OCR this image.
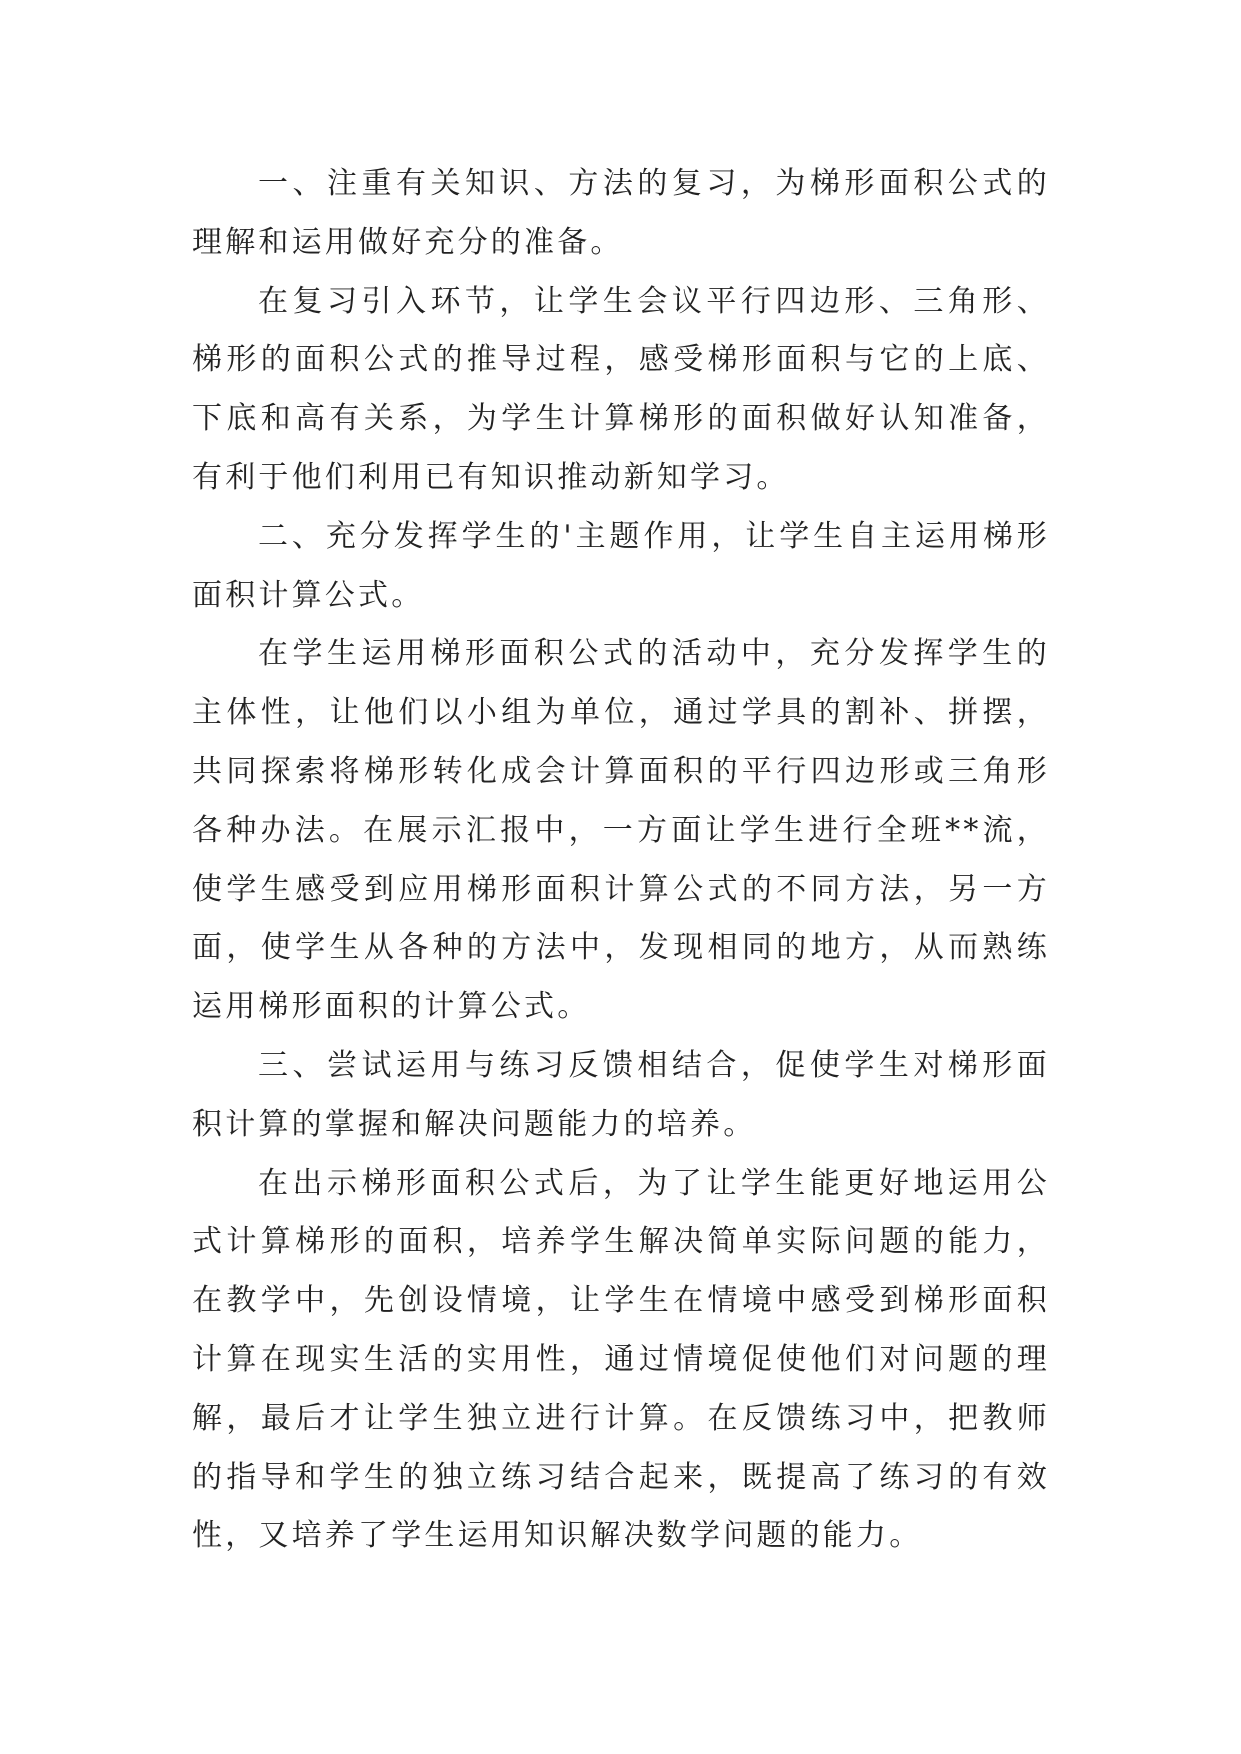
一、注重有关知识、方法的复习，为梯形面积公式的理解和运用做好充分的准备。

在复习引入环节，让学生会议平行四边形、三角形、梯形的面积公式的推导过程，感受梯形面积与它的上底、下底和高有关系，为学生计算梯形的面积做好认知准备，有利于他们利用已有知识推动新知学习。

二、充分发挥学生的'主题作用，让学生自主运用梯形面积计算公式。

在学生运用梯形面积公式的活动中，充分发挥学生的主体性，让他们以小组为单位，通过学具的割补、拼摆，共同探索将梯形转化成会计算面积的平行四边形或三角形各种办法。在展示汇报中，一方面让学生进行全班**流，使学生感受到应用梯形面积计算公式的不同方法，另一方面，使学生从各种的方法中，发现相同的地方，从而熟练运用梯形面积的计算公式。

三、尝试运用与练习反馈相结合，促使学生对梯形面积计算的掌握和解决问题能力的培养。

在出示梯形面积公式后，为了让学生能更好地运用公式计算梯形的面积，培养学生解决简单实际问题的能力，在教学中，先创设情境，让学生在情境中感受到梯形面积计算在现实生活的实用性，通过情境促使他们对问题的理解，最后才让学生独立进行计算。在反馈练习中，把教师的指导和学生的独立练习结合起来，既提高了练习的有效性，又培养了学生运用知识解决数学问题的能力。
